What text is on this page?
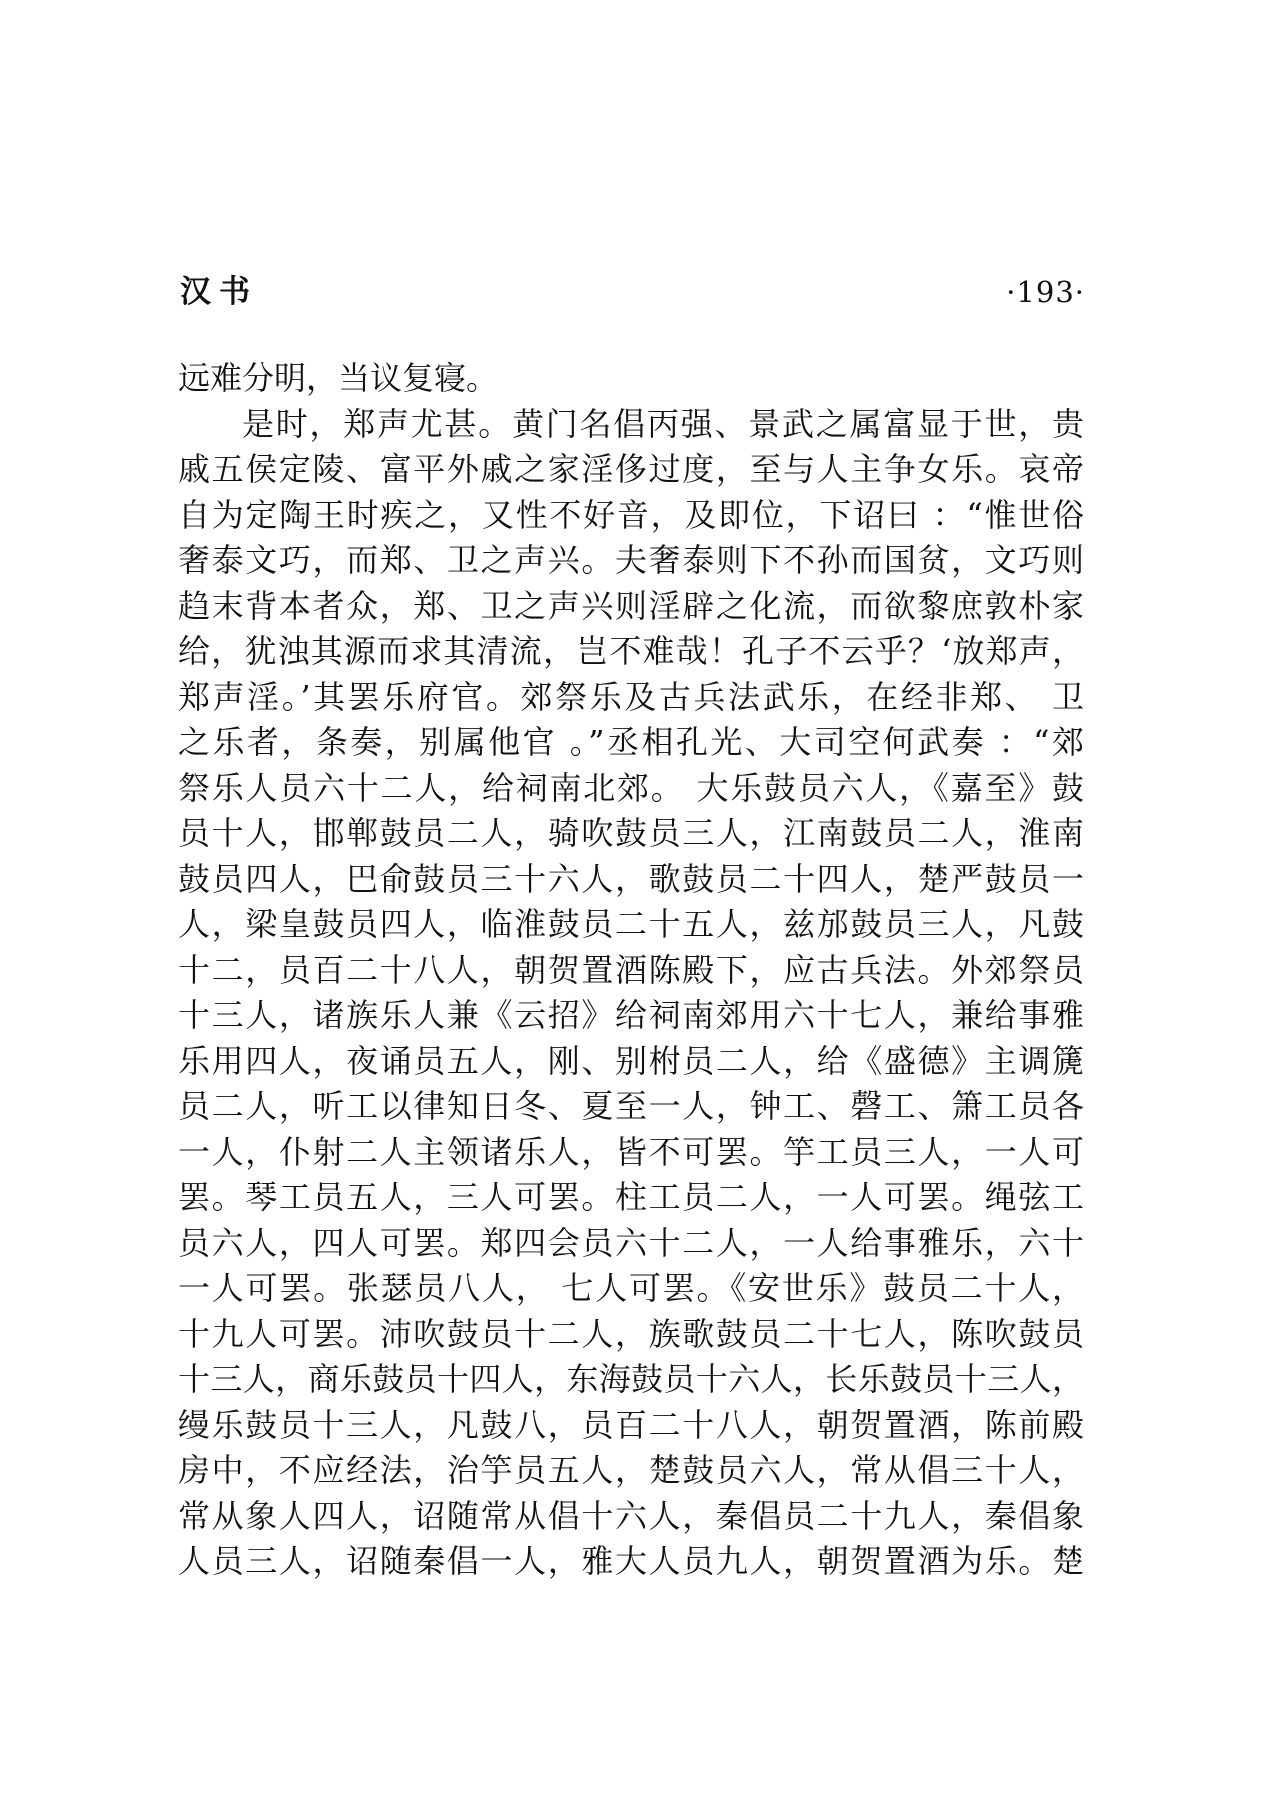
汉书	·193·
远难分明，当议复寝。
是时，郑声尤甚。黄门名倡丙强、景武之属富显于世，贵
戚五侯定陵、富平外戚之家淫侈过度，至与人主争女乐。哀帝
自为定陶王时疾之，又性不好音，及即位，下诏曰 ：“惟世俗
奢泰文巧，而郑、卫之声兴。夫奢泰则下不孙而国贫，文巧则
趋末背本者众，郑、卫之声兴则淫辟之化流，而欲黎庶敦朴家
给，犹浊其源而求其清流，岂不难哉！孔子不云乎？‘放郑声，
郑声淫。’其罢乐府官。郊祭乐及古兵法武乐，在经非郑、 卫
之乐者，条奏，别属他官 。”丞相孔光、大司空何武奏 ：“郊
祭乐人员六十二人，给祠南北郊。 大乐鼓员六人，《嘉至》鼓
员十人，邯郸鼓员二人，骑吹鼓员三人，江南鼓员二人，淮南
鼓员四人，巴俞鼓员三十六人，歌鼓员二十四人，楚严鼓员一
人，梁皇鼓员四人，临淮鼓员二十五人，兹邡鼓员三人，凡鼓
十二，员百二十八人，朝贺置酒陈殿下，应古兵法。外郊祭员
十三人，诸族乐人兼《云招》给祠南郊用六十七人，兼给事雅
乐用四人，夜诵员五人，刚、别柎员二人，给《盛德》主调篪
员二人，听工以律知日冬、夏至一人，钟工、磬工、箫工员各
一人，仆射二人主领诸乐人，皆不可罢。竽工员三人，一人可
罢。琴工员五人，三人可罢。柱工员二人，一人可罢。绳弦工
员六人，四人可罢。郑四会员六十二人，一人给事雅乐，六十
一人可罢。张瑟员八人， 七人可罢。《安世乐》鼓员二十人，
十九人可罢。沛吹鼓员十二人，族歌鼓员二十七人，陈吹鼓员
十三人，商乐鼓员十四人，东海鼓员十六人，长乐鼓员十三人，
缦乐鼓员十三人，凡鼓八，员百二十八人，朝贺置酒，陈前殿
房中，不应经法，治竽员五人，楚鼓员六人，常从倡三十人，
常从象人四人，诏随常从倡十六人，秦倡员二十九人，秦倡象
人员三人，诏随秦倡一人，雅大人员九人，朝贺置酒为乐。楚
